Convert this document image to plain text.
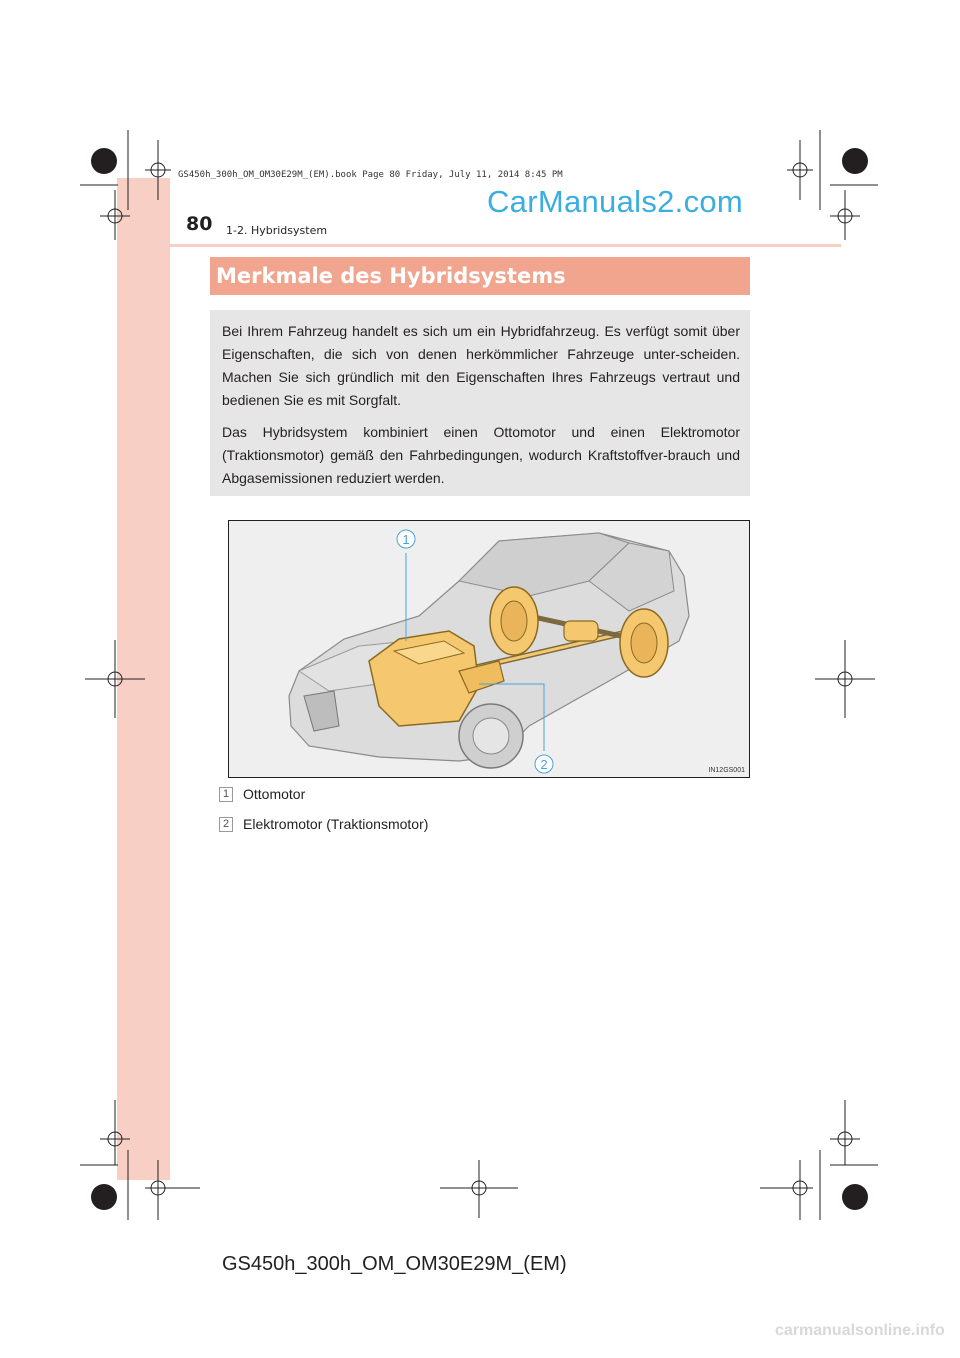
GS450h_300h_OM_OM30E29M_(EM).book Page 80 Friday, July 11, 2014 8:45 PM
CarManuals2.com
80 1-2. Hybridsystem
Merkmale des Hybridsystems

Bei Ihrem Fahrzeug handelt es sich um ein Hybridfahrzeug. Es verfügt somit über Eigenschaften, die sich von denen herkömmlicher Fahrzeuge unter-scheiden. Machen Sie sich gründlich mit den Eigenschaften Ihres Fahrzeugs vertraut und bedienen Sie es mit Sorgfalt.

Das Hybridsystem kombiniert einen Ottomotor und einen Elektromotor (Traktionsmotor) gemäß den Fahrbedingungen, wodurch Kraftstoffver-brauch und Abgasemissionen reduziert werden.

1
2	IN12GS001
1 Ottomotor
2 Elektromotor (Traktionsmotor)
GS450h_300h_OM_OM30E29M_(EM)
carmanualsonline.info
